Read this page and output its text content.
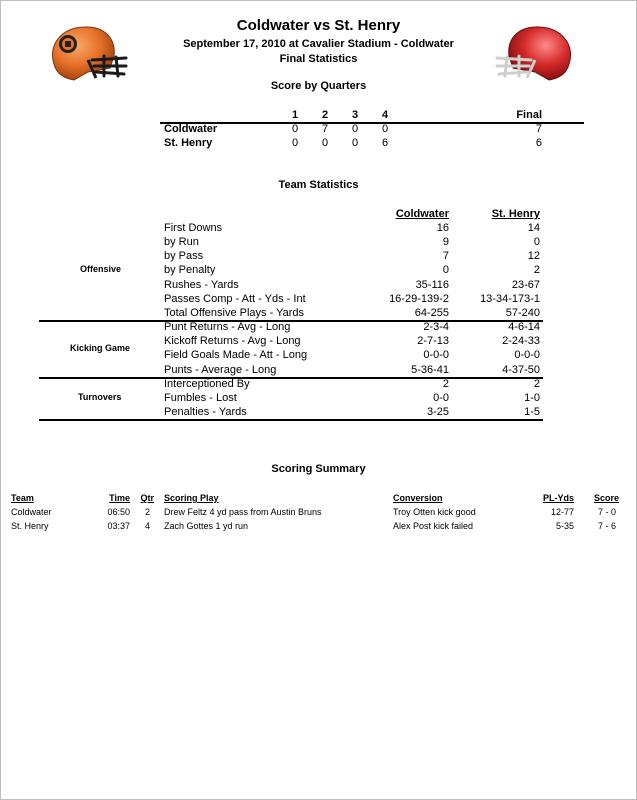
Coldwater vs St. Henry
September 17, 2010 at Cavalier Stadium - Coldwater
Final Statistics
Score by Quarters
1	2	3	4	Final
Coldwater	0	7	0	0	7
St. Henry	0	0	0	6	6
Team Statistics
Coldwater	St. Henry
Offensive
First Downs	16	14
by Run	9	0
by Pass	7	12
by Penalty	0	2
Rushes - Yards	35-116	23-67
Passes Comp - Att - Yds - Int	16-29-139-2	13-34-173-1
Total Offensive Plays - Yards	64-255	57-240
Kicking Game
Punt Returns - Avg - Long	2-3-4	4-6-14
Kickoff Returns - Avg - Long	2-7-13	2-24-33
Field Goals Made - Att - Long	0-0-0	0-0-0
Punts - Average - Long	5-36-41	4-37-50
Turnovers
Interceptioned By	2	2
Fumbles - Lost	0-0	1-0
Penalties - Yards	3-25	1-5
Scoring Summary
Team	Time	Qtr Scoring Play	Conversion	PL-Yds	Score
Coldwater	06:50	2 Drew Feltz 4 yd pass from Austin Bruns	Troy Otten kick good	12-77	7 - 0
St. Henry	03:37	4 Zach Gottes 1 yd run	Alex Post kick failed	5-35	7 - 6
